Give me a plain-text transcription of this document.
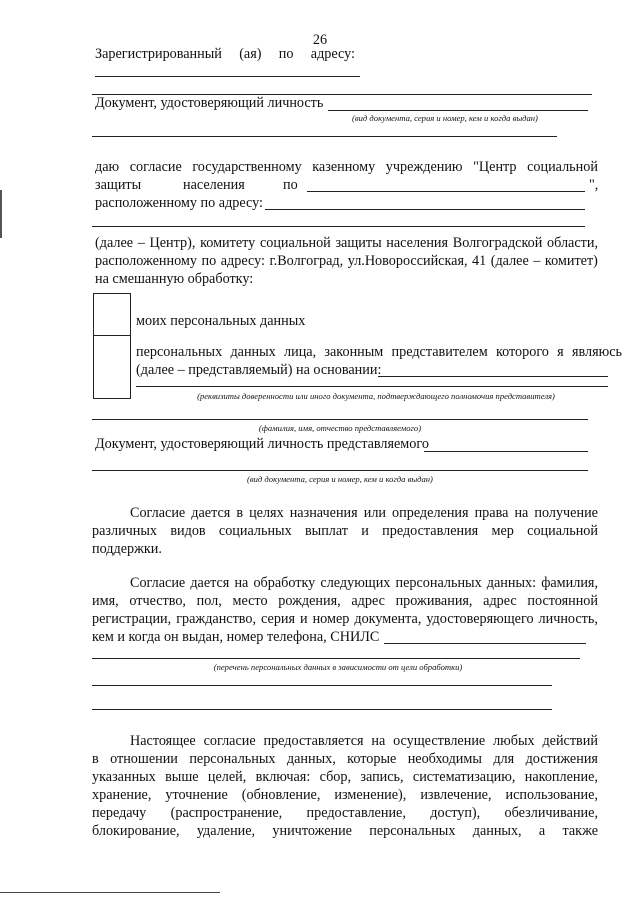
26
Зарегистрированный (ая) по адресу:
Документ, удостоверяющий личность
(вид документа, серия и номер, кем и когда выдан)
даю согласие государственному казенному учреждению "Центр социальной
защиты	населения	по	",
расположенному по адресу:
(далее – Центр), комитету социальной защиты населения Волгоградской области,
расположенному по адресу: г.Волгоград, ул.Новороссийская, 41 (далее – комитет)
на смешанную обработку:
моих персональных данных
персональных данных лица, законным представителем которого я являюсь
(далее – представляемый) на основании:
(реквизиты доверенности или иного документа, подтверждающего полномочия представителя)
(фамилия, имя, отчество представляемого)
Документ, удостоверяющий личность представляемого
(вид документа, серия и номер, кем и когда выдан)
Согласие дается в целях назначения или определения права на получение
различных видов социальных выплат и предоставления мер социальной
поддержки.
Согласие дается на обработку следующих персональных данных: фамилия,
имя, отчество, пол, место рождения, адрес проживания, адрес постоянной
регистрации, гражданство, серия и номер документа, удостоверяющего личность,
кем и когда он выдан, номер телефона, СНИЛС
(перечень персональных данных в зависимости от цели обработки)
Настоящее согласие предоставляется на осуществление любых действий
в отношении персональных данных, которые необходимы для достижения
указанных выше целей, включая: сбор, запись, систематизацию, накопление,
хранение, уточнение (обновление, изменение), извлечение, использование,
передачу (распространение, предоставление, доступ), обезличивание,
блокирование, удаление, уничтожение персональных данных, а также
